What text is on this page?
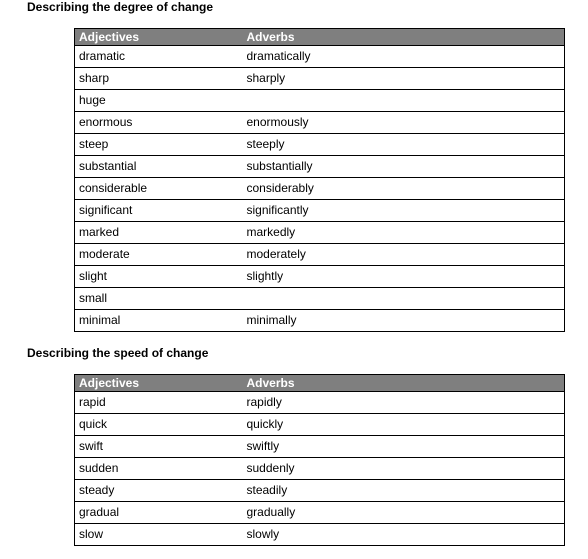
Describing the degree of change
Adjectives	Adverbs
dramatic	dramatically
sharp	sharply
huge	
enormous	enormously
steep	steeply
substantial	substantially
considerable	considerably
significant	significantly
marked	markedly
moderate	moderately
slight	slightly
small	
minimal	minimally
Describing the speed of change
Adjectives	Adverbs
rapid	rapidly
quick	quickly
swift	swiftly
sudden	suddenly
steady	steadily
gradual	gradually
slow	slowly
